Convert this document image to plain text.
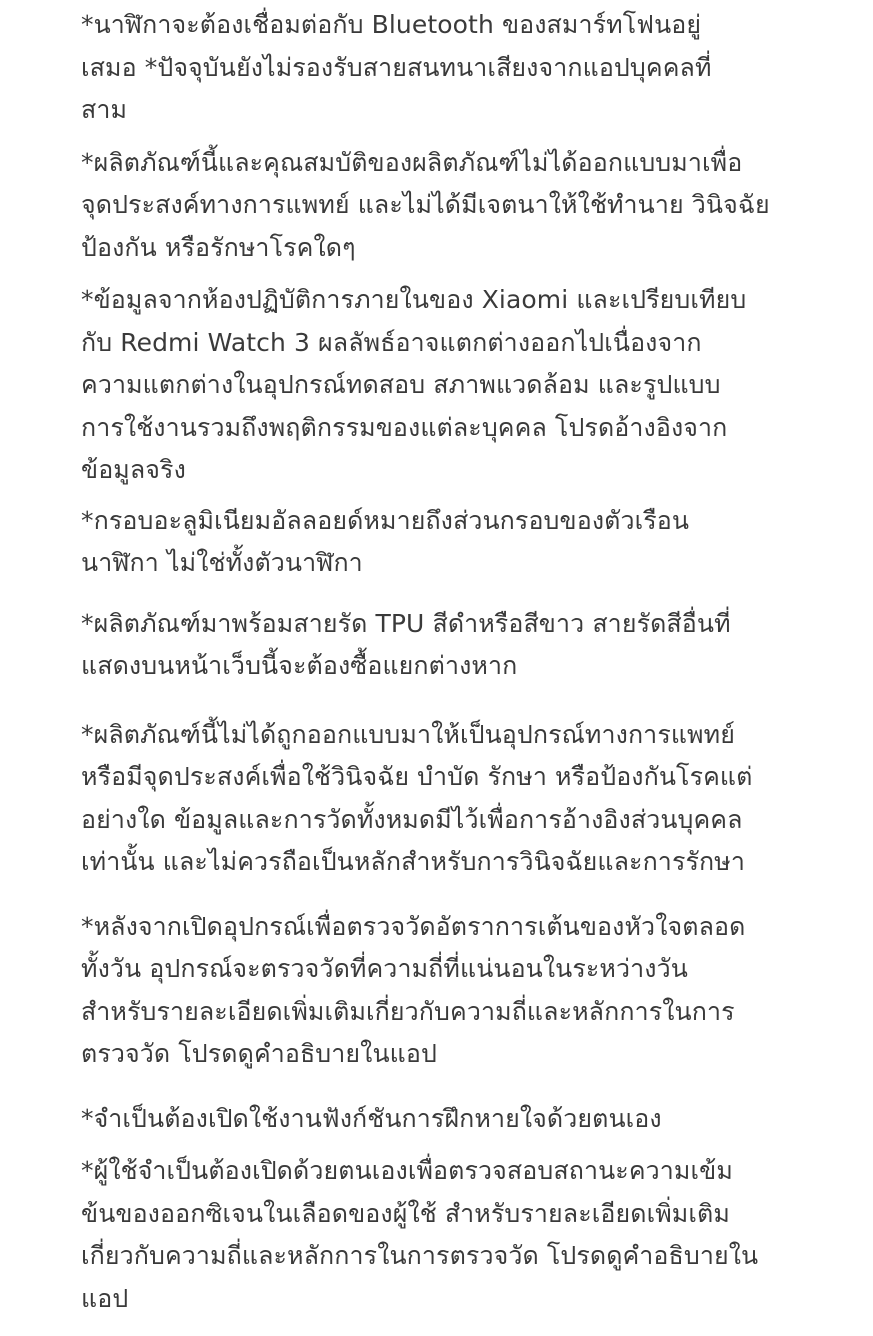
*นาฬิกาจะต้องเชื่อมต่อกับ Bluetooth ของสมาร์ทโฟนอยู่
เสมอ *ปัจจุบันยังไม่รองรับสายสนทนาเสียงจากแอปบุคคลที่
สาม

*ผลิตภัณฑ์นี้และคุณสมบัติของผลิตภัณฑ์ไม่ได้ออกแบบมาเพื่อ
จุดประสงค์ทางการแพทย์ และไม่ได้มีเจตนาให้ใช้ทำนาย วินิจฉัย
ป้องกัน หรือรักษาโรคใดๆ

*ข้อมูลจากห้องปฏิบัติการภายในของ Xiaomi และเปรียบเทียบ
กับ Redmi Watch 3 ผลลัพธ์อาจแตกต่างออกไปเนื่องจาก
ความแตกต่างในอุปกรณ์ทดสอบ สภาพแวดล้อม และรูปแบบ
การใช้งานรวมถึงพฤติกรรมของแต่ละบุคคล โปรดอ้างอิงจาก
ข้อมูลจริง

*กรอบอะลูมิเนียมอัลลอยด์หมายถึงส่วนกรอบของตัวเรือน
นาฬิกา ไม่ใช่ทั้งตัวนาฬิกา

*ผลิตภัณฑ์มาพร้อมสายรัด TPU สีดำหรือสีขาว สายรัดสีอื่นที่
แสดงบนหน้าเว็บนี้จะต้องซื้อแยกต่างหาก

*ผลิตภัณฑ์นี้ไม่ได้ถูกออกแบบมาให้เป็นอุปกรณ์ทางการแพทย์
หรือมีจุดประสงค์เพื่อใช้วินิจฉัย บำบัด รักษา หรือป้องกันโรคแต่
อย่างใด ข้อมูลและการวัดทั้งหมดมีไว้เพื่อการอ้างอิงส่วนบุคคล
เท่านั้น และไม่ควรถือเป็นหลักสำหรับการวินิจฉัยและการรักษา

*หลังจากเปิดอุปกรณ์เพื่อตรวจวัดอัตราการเต้นของหัวใจตลอด
ทั้งวัน อุปกรณ์จะตรวจวัดที่ความถี่ที่แน่นอนในระหว่างวัน
สำหรับรายละเอียดเพิ่มเติมเกี่ยวกับความถี่และหลักการในการ
ตรวจวัด โปรดดูคำอธิบายในแอป

*จำเป็นต้องเปิดใช้งานฟังก์ชันการฝึกหายใจด้วยตนเอง

*ผู้ใช้จำเป็นต้องเปิดด้วยตนเองเพื่อตรวจสอบสถานะความเข้ม
ข้นของออกซิเจนในเลือดของผู้ใช้ สำหรับรายละเอียดเพิ่มเติม
เกี่ยวกับความถี่และหลักการในการตรวจวัด โปรดดูคำอธิบายใน
แอป
